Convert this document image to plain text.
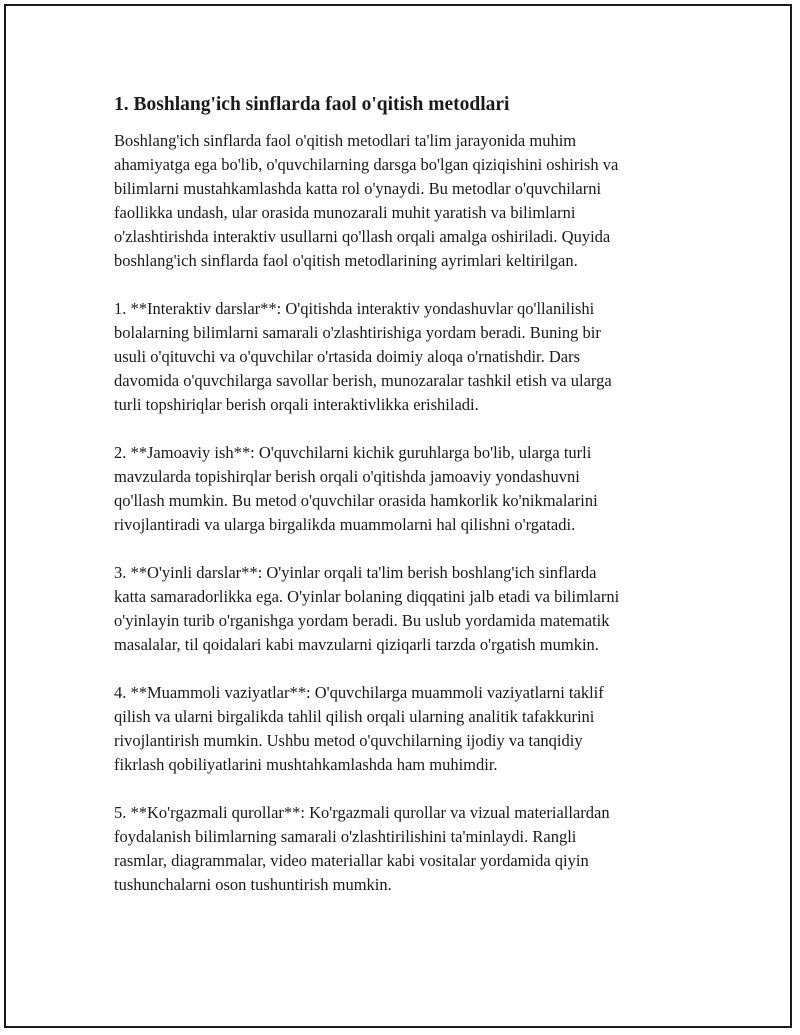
1. Boshlang'ich sinflarda faol o'qitish metodlari

Boshlang'ich sinflarda faol o'qitish metodlari ta'lim jarayonida muhim
ahamiyatga ega bo'lib, o'quvchilarning darsga bo'lgan qiziqishini oshirish va
bilimlarni mustahkamlashda katta rol o'ynaydi. Bu metodlar o'quvchilarni
faollikka undash, ular orasida munozarali muhit yaratish va bilimlarni
o'zlashtirishda interaktiv usullarni qo'llash orqali amalga oshiriladi. Quyida
boshlang'ich sinflarda faol o'qitish metodlarining ayrimlari keltirilgan.

1. **Interaktiv darslar**: O'qitishda interaktiv yondashuvlar qo'llanilishi
bolalarning bilimlarni samarali o'zlashtirishiga yordam beradi. Buning bir
usuli o'qituvchi va o'quvchilar o'rtasida doimiy aloqa o'rnatishdir. Dars
davomida o'quvchilarga savollar berish, munozaralar tashkil etish va ularga
turli topshiriqlar berish orqali interaktivlikka erishiladi.

2. **Jamoaviy ish**: O'quvchilarni kichik guruhlarga bo'lib, ularga turli
mavzularda topishirqlar berish orqali o'qitishda jamoaviy yondashuvni
qo'llash mumkin. Bu metod o'quvchilar orasida hamkorlik ko'nikmalarini
rivojlantiradi va ularga birgalikda muammolarni hal qilishni o'rgatadi.

3. **O'yinli darslar**: O'yinlar orqali ta'lim berish boshlang'ich sinflarda
katta samaradorlikka ega. O'yinlar bolaning diqqatini jalb etadi va bilimlarni
o'yinlayin turib o'rganishga yordam beradi. Bu uslub yordamida matematik
masalalar, til qoidalari kabi mavzularni qiziqarli tarzda o'rgatish mumkin.

4. **Muammoli vaziyatlar**: O'quvchilarga muammoli vaziyatlarni taklif
qilish va ularni birgalikda tahlil qilish orqali ularning analitik tafakkurini
rivojlantirish mumkin. Ushbu metod o'quvchilarning ijodiy va tanqidiy
fikrlash qobiliyatlarini mushtahkamlashda ham muhimdir.

5. **Ko'rgazmali qurollar**: Ko'rgazmali qurollar va vizual materiallardan
foydalanish bilimlarning samarali o'zlashtirilishini ta'minlaydi. Rangli
rasmlar, diagrammalar, video materiallar kabi vositalar yordamida qiyin
tushunchalarni oson tushuntirish mumkin.
